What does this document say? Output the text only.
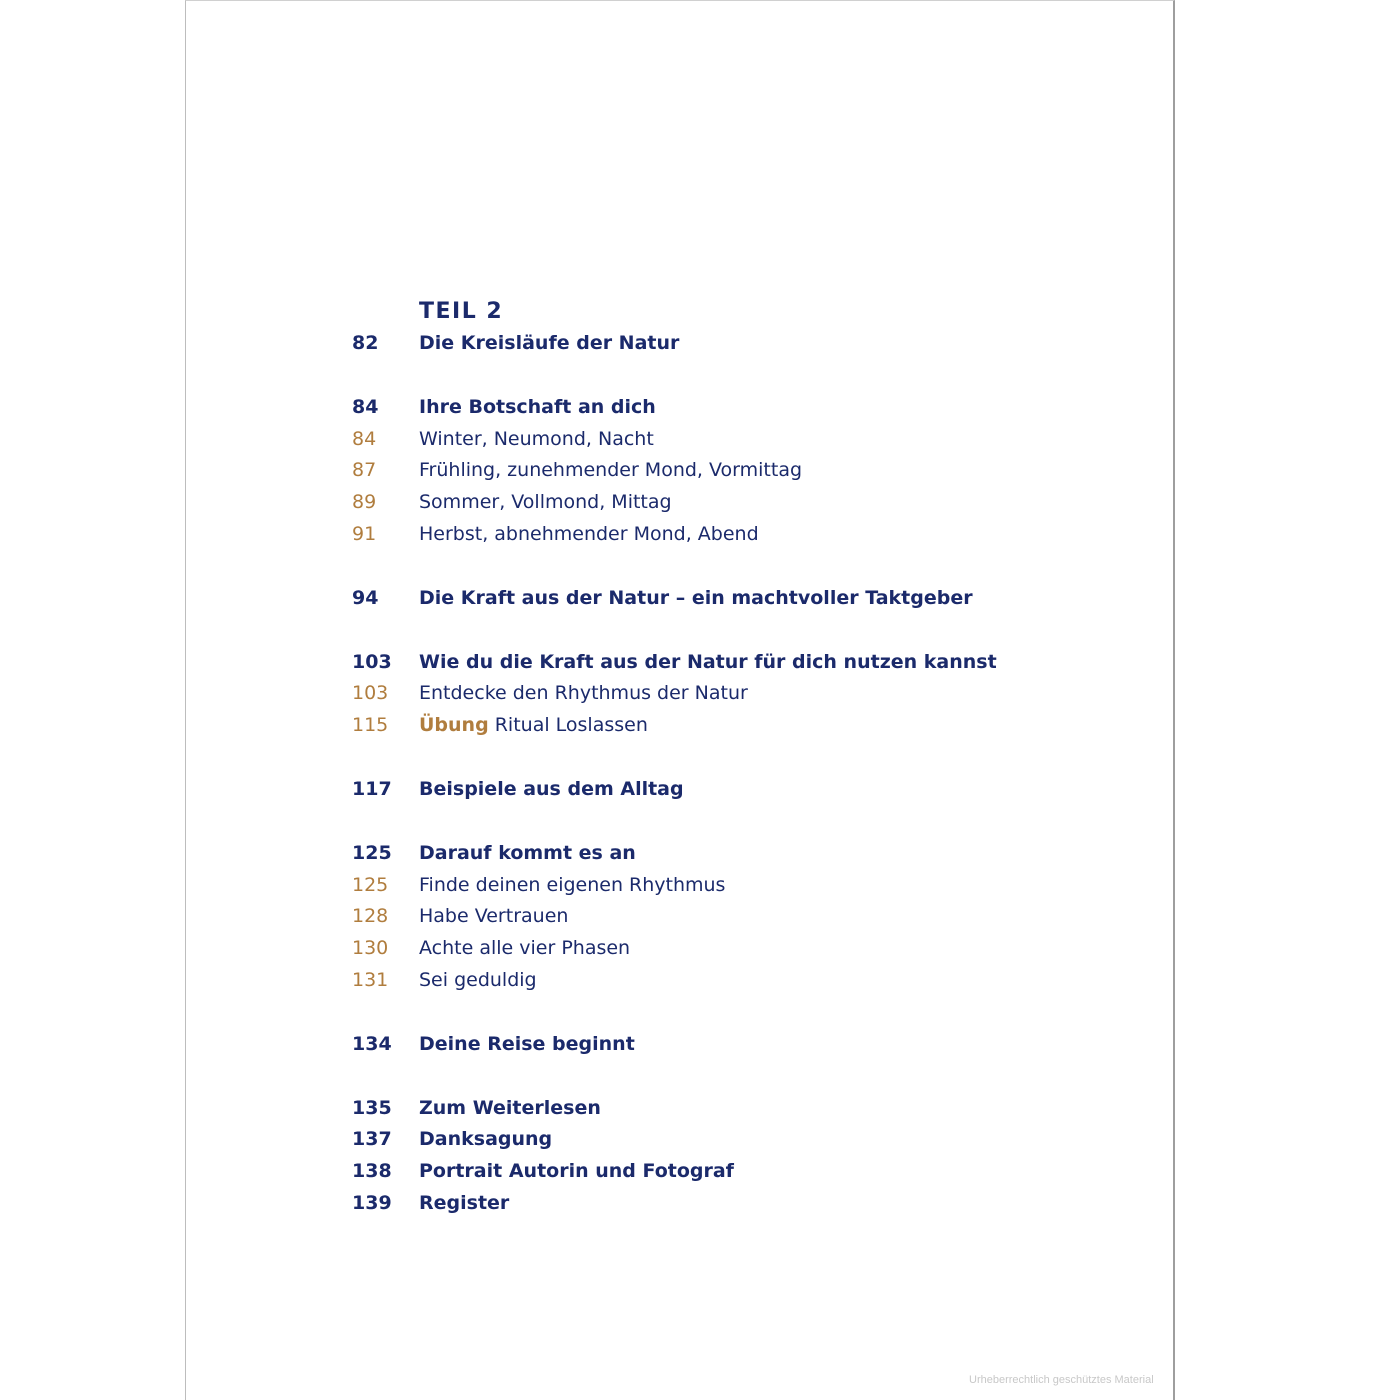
TEIL 2
82	Die Kreisläufe der Natur
84	Ihre Botschaft an dich
84	Winter, Neumond, Nacht
87	Frühling, zunehmender Mond, Vormittag
89	Sommer, Vollmond, Mittag
91	Herbst, abnehmender Mond, Abend
94	Die Kraft aus der Natur – ein machtvoller Taktgeber
103	Wie du die Kraft aus der Natur für dich nutzen kannst
103	Entdecke den Rhythmus der Natur
115	Übung Ritual Loslassen
117	Beispiele aus dem Alltag
125	Darauf kommt es an
125	Finde deinen eigenen Rhythmus
128	Habe Vertrauen
130	Achte alle vier Phasen
131	Sei geduldig
134	Deine Reise beginnt
135	Zum Weiterlesen
137	Danksagung
138	Portrait Autorin und Fotograf
139	Register
Urheberrechtlich geschütztes Material
